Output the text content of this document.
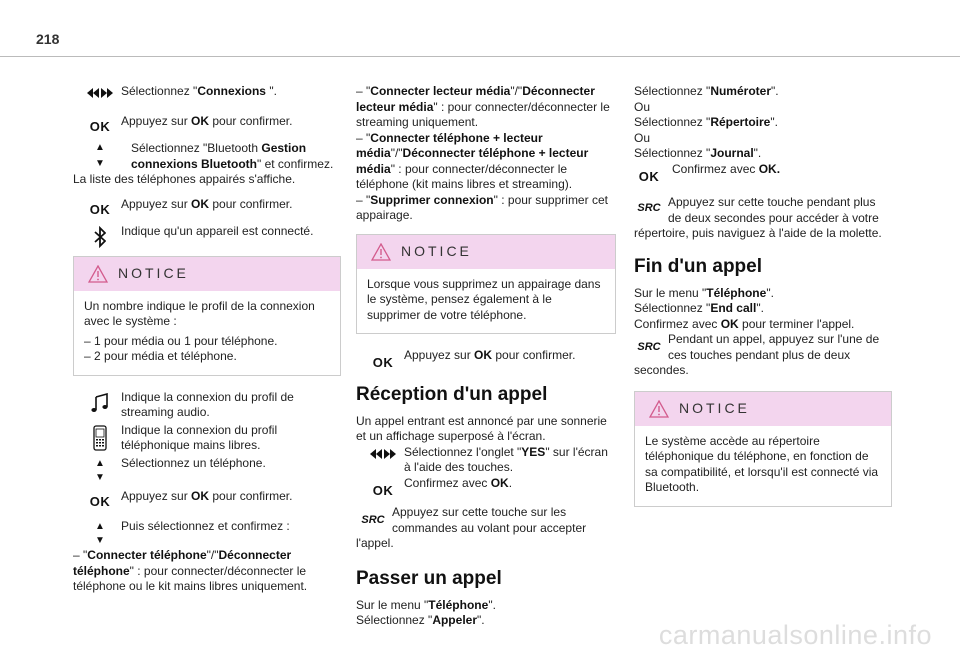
218
Sélectionnez "Connexions ".
OK Appuyez sur OK pour confirmer.
▲
▼
Sélectionnez "Bluetooth Gestion connexions Bluetooth" et confirmez. La liste des téléphones appairés s'affiche.
OK Appuyez sur OK pour confirmer.
Indique qu'un appareil est connecté.
NOTICE

Un nombre indique le profil de la connexion avec le système :

– 1 pour média ou 1 pour téléphone.

– 2 pour média et téléphone.

Indique la connexion du profil de streaming audio.
Indique la connexion du profil téléphonique mains libres.
▲
▼
Sélectionnez un téléphone.
OK Appuyez sur OK pour confirmer.
▲
▼
Puis sélectionnez et confirmez :

– "Connecter téléphone"/"Déconnecter téléphone" : pour connecter/déconnecter le téléphone ou le kit mains libres uniquement.

– "Connecter lecteur média"/"Déconnecter lecteur média" : pour connecter/déconnecter le streaming uniquement.

– "Connecter téléphone + lecteur média"/"Déconnecter téléphone + lecteur média" : pour connecter/déconnecter le téléphone (kit mains libres et streaming).

– "Supprimer connexion" : pour supprimer cet appairage.

NOTICE
Lorsque vous supprimez un appairage dans le système, pensez également à le supprimer de votre téléphone.
OK
Appuyez sur OK pour confirmer.
Réception d'un appel

Un appel entrant est annoncé par une sonnerie et un affichage superposé à l'écran.

Sélectionnez l'onglet "YES" sur l'écran à l'aide des touches.
OK
Confirmez avec OK.
SRC
Appuyez sur cette touche sur les commandes au volant pour accepter l'appel.
Passer un appel

Sur le menu "Téléphone".

Sélectionnez "Appeler".

Sélectionnez "Numéroter".

Ou

Sélectionnez "Répertoire".

Ou

Sélectionnez "Journal".

OK
Confirmez avec OK.
SRC Appuyez sur cette touche pendant plus de deux secondes pour accéder à votre répertoire, puis naviguez à l'aide de la molette.
Fin d'un appel

Sur le menu "Téléphone".

Sélectionnez "End call".

Confirmez avec OK pour terminer l'appel.

SRC
Pendant un appel, appuyez sur l'une de ces touches pendant plus de deux secondes.
NOTICE
Le système accède au répertoire téléphonique du téléphone, en fonction de sa compatibilité, et lorsqu'il est connecté via Bluetooth.
carmanualsonline.info
